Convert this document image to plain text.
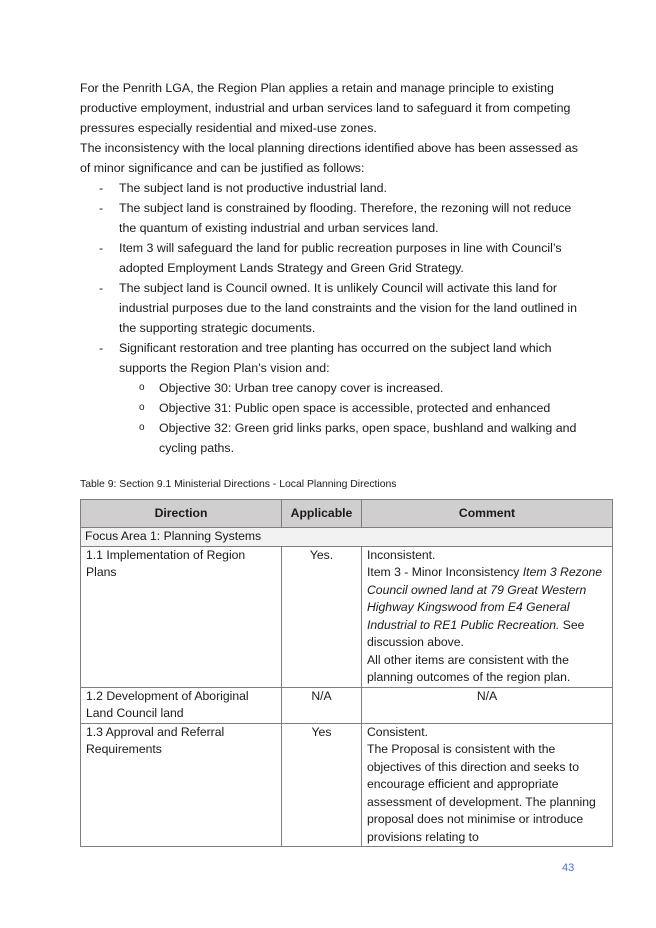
For the Penrith LGA, the Region Plan applies a retain and manage principle to existing productive employment, industrial and urban services land to safeguard it from competing pressures especially residential and mixed-use zones.

The inconsistency with the local planning directions identified above has been assessed as of minor significance and can be justified as follows:

- The subject land is not productive industrial land.
- The subject land is constrained by flooding. Therefore, the rezoning will not reduce the quantum of existing industrial and urban services land.
- Item 3 will safeguard the land for public recreation purposes in line with Council’s adopted Employment Lands Strategy and Green Grid Strategy.
- The subject land is Council owned. It is unlikely Council will activate this land for industrial purposes due to the land constraints and the vision for the land outlined in the supporting strategic documents.
- Significant restoration and tree planting has occurred on the subject land which supports the Region Plan’s vision and:
o Objective 30: Urban tree canopy cover is increased.
o Objective 31: Public open space is accessible, protected and enhanced
o Objective 32: Green grid links parks, open space, bushland and walking and cycling paths.
Table 9: Section 9.1 Ministerial Directions - Local Planning Directions
Direction	Applicable	Comment
Focus Area 1: Planning Systems		
1.1 Implementation of Region Plans	Yes.	Inconsistent.
Item 3 - Minor Inconsistency Item 3 Rezone Council owned land at 79 Great Western Highway Kingswood from E4 General Industrial to RE1 Public Recreation. See discussion above.
All other items are consistent with the planning outcomes of the region plan.

1.2 Development of Aboriginal Land Council land	N/A	N/A
1.3 Approval and Referral Requirements	Yes	Consistent.
The Proposal is consistent with the objectives of this direction and seeks to encourage efficient and appropriate assessment of development. The planning proposal does not minimise or introduce provisions relating to
43
